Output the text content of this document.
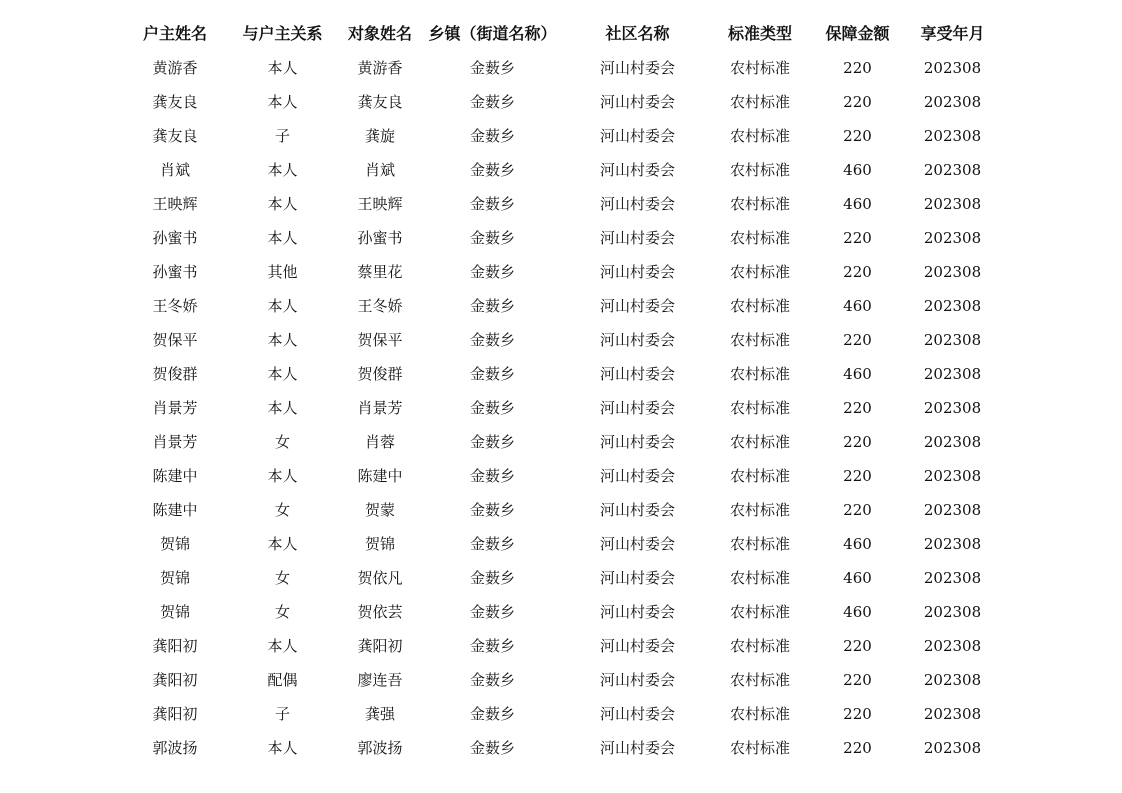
户主姓名	与户主关系	对象姓名	乡镇（街道名称）	社区名称	标准类型	保障金额	享受年月
黄游香	本人	黄游香	金薮乡	河山村委会	农村标准	220	202308
龚友良	本人	龚友良	金薮乡	河山村委会	农村标准	220	202308
龚友良	子	龚旋	金薮乡	河山村委会	农村标准	220	202308
肖斌	本人	肖斌	金薮乡	河山村委会	农村标准	460	202308
王映辉	本人	王映辉	金薮乡	河山村委会	农村标准	460	202308
孙蜜书	本人	孙蜜书	金薮乡	河山村委会	农村标准	220	202308
孙蜜书	其他	蔡里花	金薮乡	河山村委会	农村标准	220	202308
王冬娇	本人	王冬娇	金薮乡	河山村委会	农村标准	460	202308
贺保平	本人	贺保平	金薮乡	河山村委会	农村标准	220	202308
贺俊群	本人	贺俊群	金薮乡	河山村委会	农村标准	460	202308
肖景芳	本人	肖景芳	金薮乡	河山村委会	农村标准	220	202308
肖景芳	女	肖蓉	金薮乡	河山村委会	农村标准	220	202308
陈建中	本人	陈建中	金薮乡	河山村委会	农村标准	220	202308
陈建中	女	贺蒙	金薮乡	河山村委会	农村标准	220	202308
贺锦	本人	贺锦	金薮乡	河山村委会	农村标准	460	202308
贺锦	女	贺依凡	金薮乡	河山村委会	农村标准	460	202308
贺锦	女	贺依芸	金薮乡	河山村委会	农村标准	460	202308
龚阳初	本人	龚阳初	金薮乡	河山村委会	农村标准	220	202308
龚阳初	配偶	廖连吾	金薮乡	河山村委会	农村标准	220	202308
龚阳初	子	龚强	金薮乡	河山村委会	农村标准	220	202308
郭波扬	本人	郭波扬	金薮乡	河山村委会	农村标准	220	202308
